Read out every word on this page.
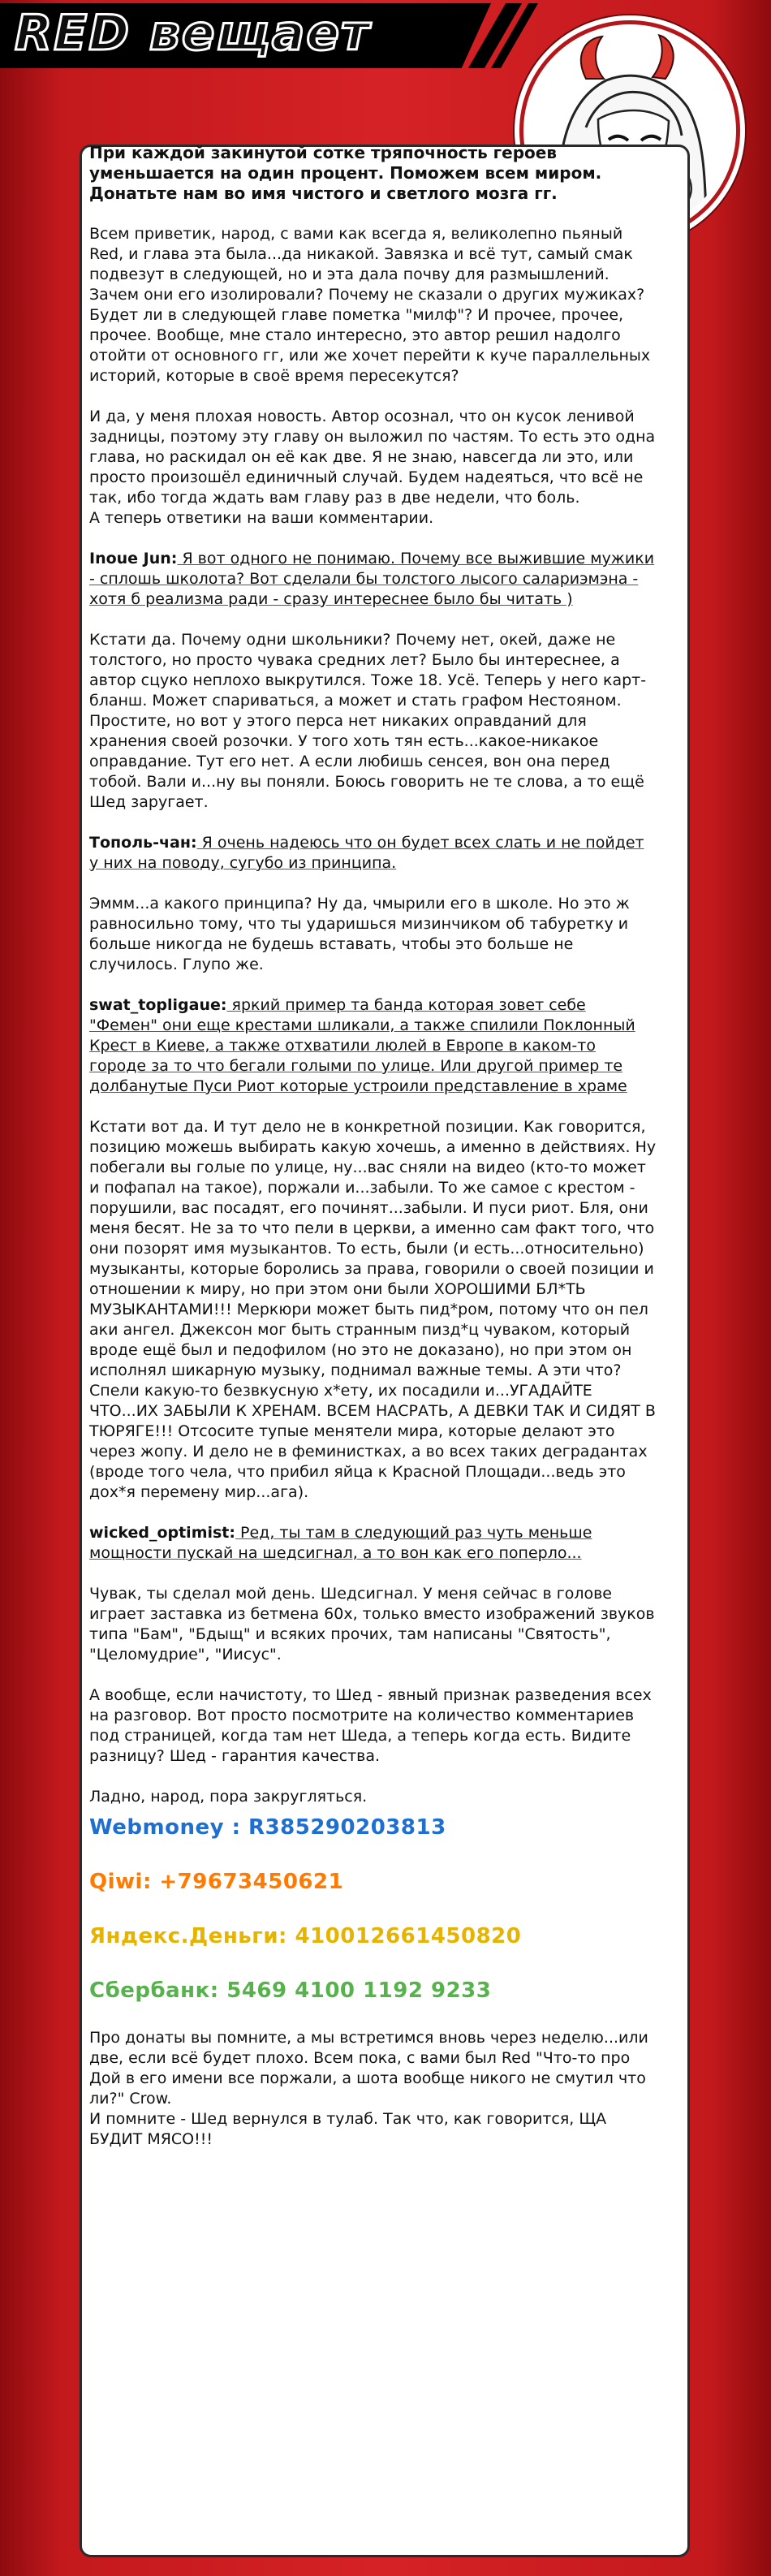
RED вещает

При каждой закинутой сотке тряпочность героев уменьшается на один процент. Поможем всем миром. Донатьте нам во имя чистого и светлого мозга гг.

Всем приветик, народ, с вами как всегда я, великолепно пьяный Red, и глава эта была...да никакой. Завязка и всё тут, самый смак подвезут в следующей, но и эта дала почву для размышлений. Зачем они его изолировали? Почему не сказали о других мужиках? Будет ли в следующей главе пометка "милф"? И прочее, прочее, прочее. Вообще, мне стало интересно, это автор решил надолго отойти от основного гг, или же хочет перейти к куче параллельных историй, которые в своё время пересекутся?

И да, у меня плохая новость. Автор осознал, что он кусок ленивой задницы, поэтому эту главу он выложил по частям. То есть это одна глава, но раскидал он её как две. Я не знаю, навсегда ли это, или просто произошёл единичный случай. Будем надеяться, что всё не так, ибо тогда ждать вам главу раз в две недели, что боль.
А теперь ответики на ваши комментарии.

Inoue Jun: Я вот одного не понимаю. Почему все выжившие мужики - сплошь школота? Вот сделали бы толстого лысого салариэмэна - хотя б реализма ради - сразу интереснее было бы читать )

Кстати да. Почему одни школьники? Почему нет, окей, даже не толстого, но просто чувака средних лет? Было бы интереснее, а автор сцуко неплохо выкрутился. Тоже 18. Усё. Теперь у него карт-бланш. Может спариваться, а может и стать графом Нестояном. Простите, но вот у этого перса нет никаких оправданий для хранения своей розочки. У того хоть тян есть...какое-никакое оправдание. Тут его нет. А если любишь сенсея, вон она перед тобой. Вали и...ну вы поняли. Боюсь говорить не те слова, а то ещё Шед заругает.

Тополь-чан: Я очень надеюсь что он будет всех слать и не пойдет у них на поводу, сугубо из принципа.

Эммм...а какого принципа? Ну да, чмырили его в школе. Но это ж равносильно тому, что ты ударишься мизинчиком об табуретку и больше никогда не будешь вставать, чтобы это больше не случилось. Глупо же.

swat_topligaue: яркий пример та банда которая зовет себе "Фемен" они еще крестами шликали, а также спилили Поклонный Крест в Киеве, а также отхватили люлей в Европе в каком-то городе за то что бегали голыми по улице. Или другой пример те долбанутые Пуси Риот которые устроили представление в храме

Кстати вот да. И тут дело не в конкретной позиции. Как говорится, позицию можешь выбирать какую хочешь, а именно в действиях. Ну побегали вы голые по улице, ну...вас сняли на видео (кто-то может и пофапал на такое), поржали и...забыли. То же самое с крестом - порушили, вас посадят, его починят...забыли. И пуси риот. Бля, они меня бесят. Не за то что пели в церкви, а именно сам факт того, что они позорят имя музыкантов. То есть, были (и есть...относительно) музыканты, которые боролись за права, говорили о своей позиции и отношении к миру, но при этом они были ХОРОШИМИ БЛ*ТЬ МУЗЫКАНТАМИ!!! Меркюри может быть пид*ром, потому что он пел аки ангел. Джексон мог быть странным пизд*ц чуваком, который вроде ещё был и педофилом (но это не доказано), но при этом он исполнял шикарную музыку, поднимал важные темы. А эти что? Спели какую-то безвкусную х*ету, их посадили и...УГАДАЙТЕ ЧТО...ИХ ЗАБЫЛИ К ХРЕНАМ. ВСЕМ НАСРАТЬ, А ДЕВКИ ТАК И СИДЯТ В ТЮРЯГЕ!!! Отсосите тупые менятели мира, которые делают это через жопу. И дело не в феминистках, а во всех таких деградантах (вроде того чела, что прибил яйца к Красной Площади...ведь это дох*я перемену мир...ага).

wicked_optimist: Ред, ты там в следующий раз чуть меньше мощности пускай на шедсигнал, а то вон как его поперло...

Чувак, ты сделал мой день. Шедсигнал. У меня сейчас в голове играет заставка из бетмена 60х, только вместо изображений звуков типа "Бам", "Бдыщ" и всяких прочих, там написаны "Святость", "Целомудрие", "Иисус".

А вообще, если начистоту, то Шед - явный признак разведения всех на разговор. Вот просто посмотрите на количество комментариев под страницей, когда там нет Шеда, а теперь когда есть. Видите разницу? Шед - гарантия качества.

Ладно, народ, пора закругляться.

Webmoney : R385290203813

Qiwi: +79673450621

Яндекс.Деньги: 410012661450820

Сбербанк: 5469 4100 1192 9233

Про донаты вы помните, а мы встретимся вновь через неделю...или две, если всё будет плохо. Всем пока, с вами был Red "Что-то про Дой в его имени все поржали, а шота вообще никого не смутил что ли?" Crow.
И помните - Шед вернулся в тулаб. Так что, как говорится, ЩА БУДИТ МЯСО!!!
